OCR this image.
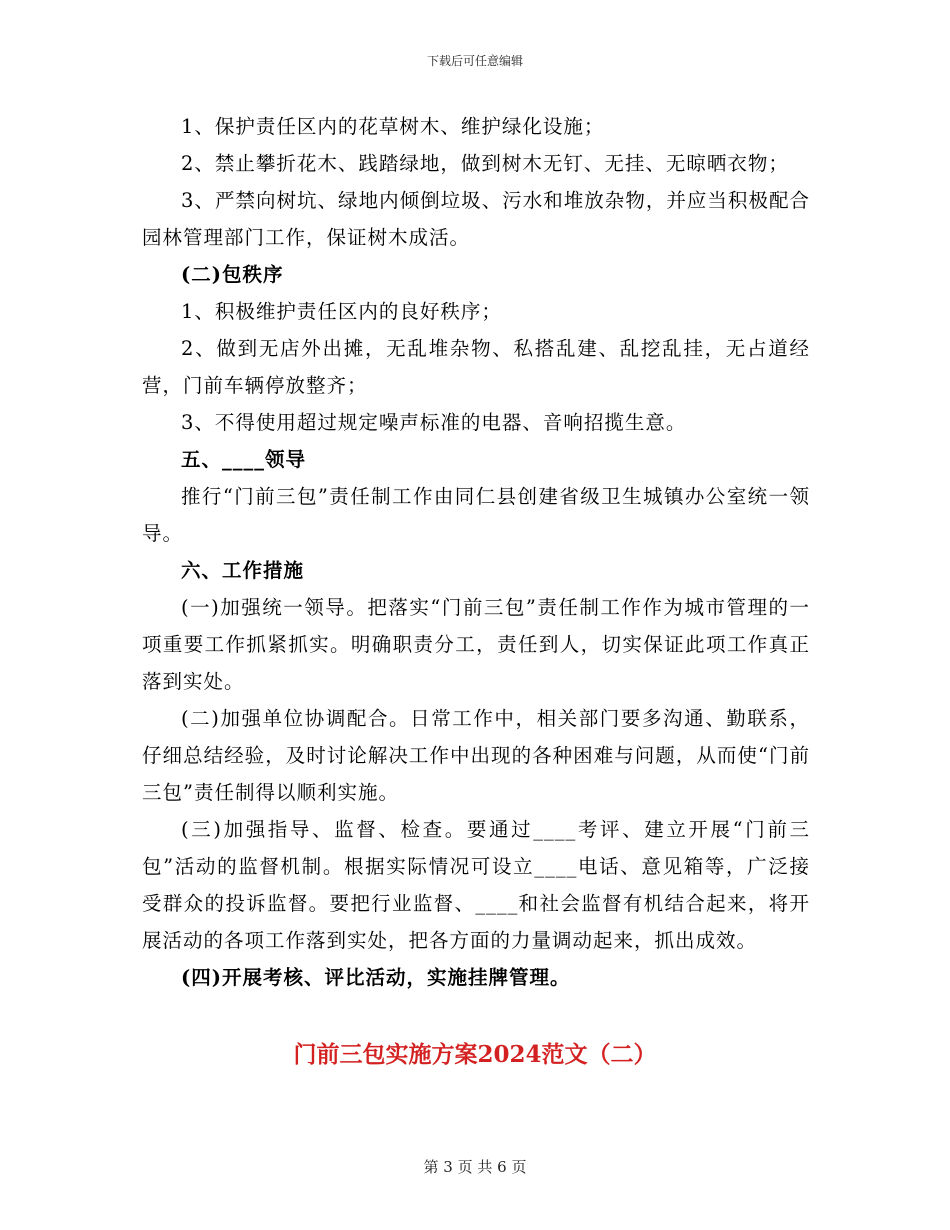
下载后可任意编辑

1、保护责任区内的花草树木、维护绿化设施；

2、禁止攀折花木、践踏绿地，做到树木无钉、无挂、无晾晒衣物；

3、严禁向树坑、绿地内倾倒垃圾、污水和堆放杂物，并应当积极配合园林管理部门工作，保证树木成活。

(二)包秩序

1、积极维护责任区内的良好秩序；

2、做到无店外出摊，无乱堆杂物、私搭乱建、乱挖乱挂，无占道经营，门前车辆停放整齐；

3、不得使用超过规定噪声标准的电器、音响招揽生意。

五、____领导

推行“门前三包”责任制工作由同仁县创建省级卫生城镇办公室统一领导。

六、工作措施

(一)加强统一领导。把落实“门前三包”责任制工作作为城市管理的一项重要工作抓紧抓实。明确职责分工，责任到人，切实保证此项工作真正落到实处。

(二)加强单位协调配合。日常工作中，相关部门要多沟通、勤联系，仔细总结经验，及时讨论解决工作中出现的各种困难与问题，从而使“门前三包”责任制得以顺利实施。

(三)加强指导、监督、检查。要通过____考评、建立开展“门前三包”活动的监督机制。根据实际情况可设立____电话、意见箱等，广泛接受群众的投诉监督。要把行业监督、____和社会监督有机结合起来，将开展活动的各项工作落到实处，把各方面的力量调动起来，抓出成效。

(四)开展考核、评比活动，实施挂牌管理。

门前三包实施方案2024范文（二）
第 3 页 共 6 页
